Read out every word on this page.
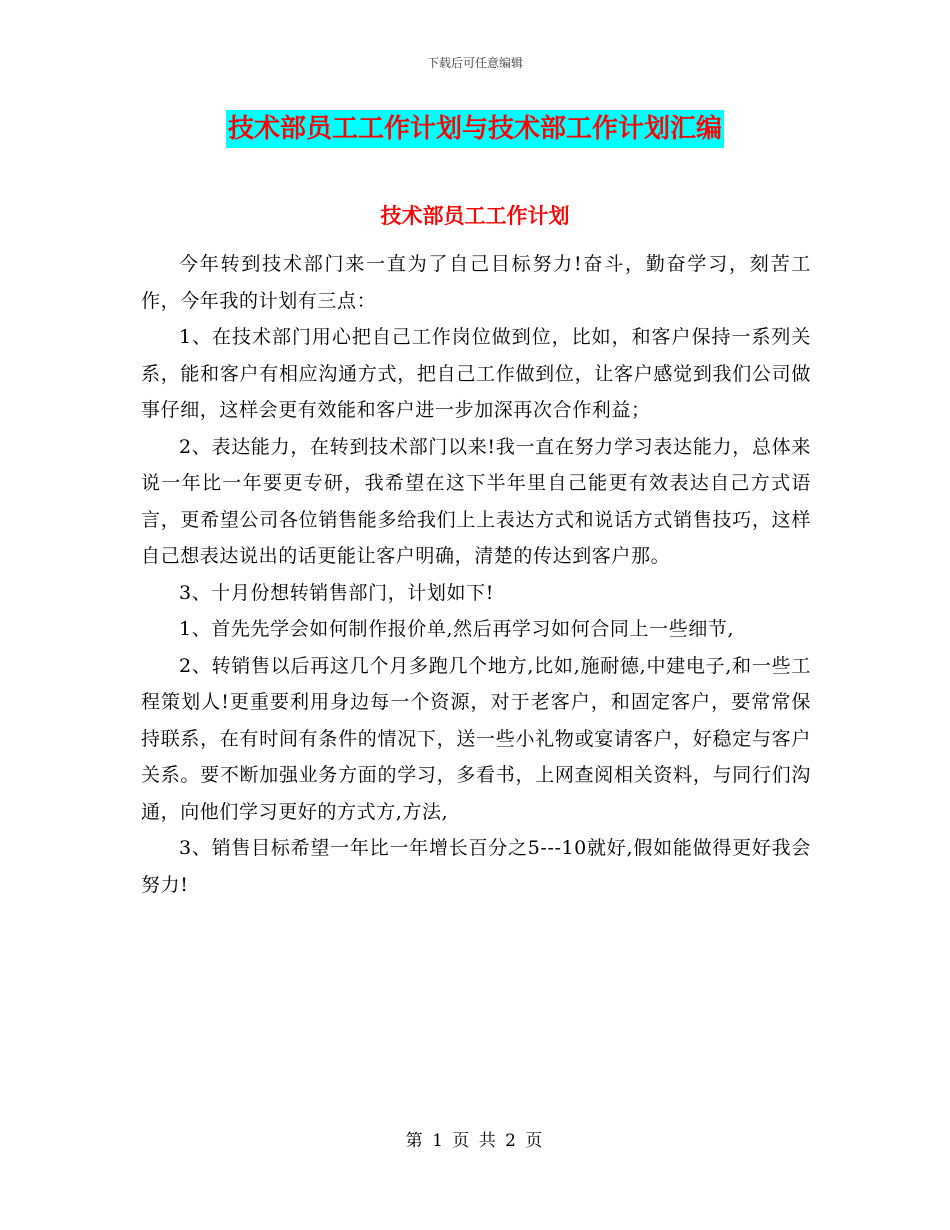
下载后可任意编辑
技术部员工工作计划与技术部工作计划汇编
技术部员工工作计划

今年转到技术部门来一直为了自己目标努力!奋斗，勤奋学习，刻苦工作，今年我的计划有三点：

1、在技术部门用心把自己工作岗位做到位，比如，和客户保持一系列关系，能和客户有相应沟通方式，把自己工作做到位，让客户感觉到我们公司做事仔细，这样会更有效能和客户进一步加深再次合作利益；

2、表达能力，在转到技术部门以来!我一直在努力学习表达能力，总体来说一年比一年要更专研，我希望在这下半年里自己能更有效表达自己方式语言，更希望公司各位销售能多给我们上上表达方式和说话方式销售技巧，这样自己想表达说出的话更能让客户明确，清楚的传达到客户那。

3、十月份想转销售部门，计划如下!

1、首先先学会如何制作报价单,然后再学习如何合同上一些细节,

2、转销售以后再这几个月多跑几个地方,比如,施耐德,中建电子,和一些工程策划人!更重要利用身边每一个资源，对于老客户，和固定客户，要常常保持联系，在有时间有条件的情况下，送一些小礼物或宴请客户，好稳定与客户关系。要不断加强业务方面的学习，多看书，上网查阅相关资料，与同行们沟通，向他们学习更好的方式方,方法,

3、销售目标希望一年比一年增长百分之5---10就好,假如能做得更好我会努力!

第 1 页 共 2 页
